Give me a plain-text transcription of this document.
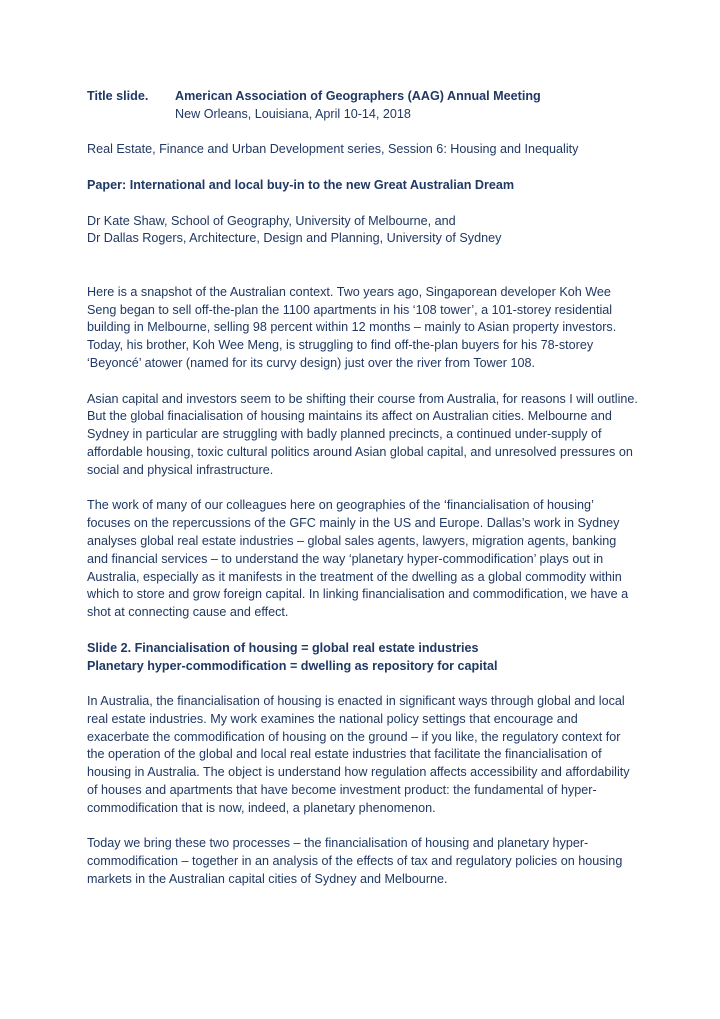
Title slide.	American Association of Geographers (AAG) Annual Meeting
New Orleans, Louisiana, April 10-14, 2018

Real Estate, Finance and Urban Development series, Session 6: Housing and Inequality

Paper: International and local buy-in to the new Great Australian Dream

Dr Kate Shaw, School of Geography, University of Melbourne, and
Dr Dallas Rogers, Architecture, Design and Planning, University of Sydney

Here is a snapshot of the Australian context. Two years ago, Singaporean developer Koh Wee Seng began to sell off-the-plan the 1100 apartments in his ‘108 tower’, a 101-storey residential building in Melbourne, selling 98 percent within 12 months – mainly to Asian property investors. Today, his brother, Koh Wee Meng, is struggling to find off-the-plan buyers for his 78-storey ‘Beyoncé’ atower (named for its curvy design) just over the river from Tower 108.

Asian capital and investors seem to be shifting their course from Australia, for reasons I will outline. But the global finacialisation of housing maintains its affect on Australian cities. Melbourne and Sydney in particular are struggling with badly planned precincts, a continued under-supply of affordable housing, toxic cultural politics around Asian global capital, and unresolved pressures on social and physical infrastructure.

The work of many of our colleagues here on geographies of the ‘financialisation of housing’ focuses on the repercussions of the GFC mainly in the US and Europe. Dallas’s work in Sydney analyses global real estate industries – global sales agents, lawyers, migration agents, banking and financial services – to understand the way ‘planetary hyper-commodification’ plays out in Australia, especially as it manifests in the treatment of the dwelling as a global commodity within which to store and grow foreign capital. In linking financialisation and commodification, we have a shot at connecting cause and effect.

Slide 2. Financialisation of housing = global real estate industries
Planetary hyper-commodification = dwelling as repository for capital

In Australia, the financialisation of housing is enacted in significant ways through global and local real estate industries. My work examines the national policy settings that encourage and exacerbate the commodification of housing on the ground – if you like, the regulatory context for the operation of the global and local real estate industries that facilitate the financialisation of housing in Australia. The object is understand how regulation affects accessibility and affordability of houses and apartments that have become investment product: the fundamental of hyper-commodification that is now, indeed, a planetary phenomenon.

Today we bring these two processes – the financialisation of housing and planetary hyper-commodification – together in an analysis of the effects of tax and regulatory policies on housing markets in the Australian capital cities of Sydney and Melbourne.
